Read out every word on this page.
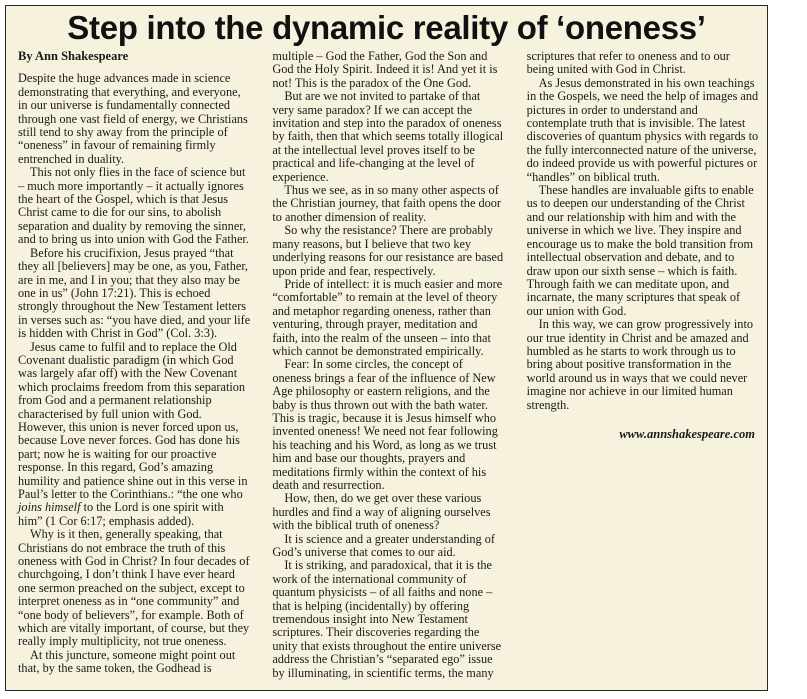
Step into the dynamic reality of ‘oneness’
By Ann Shakespeare

Despite the huge advances made in science demonstrating that everything, and everyone, in our universe is fundamentally connected through one vast field of energy, we Christians still tend to shy away from the principle of “oneness” in favour of remaining firmly entrenched in duality.

This not only flies in the face of science but – much more importantly – it actually ignores the heart of the Gospel, which is that Jesus Christ came to die for our sins, to abolish separation and duality by removing the sinner, and to bring us into union with God the Father.

Before his crucifixion, Jesus prayed “that they all [believers] may be one, as you, Father, are in me, and I in you; that they also may be one in us” (John 17:21). This is echoed strongly throughout the New Testament letters in verses such as: “you have died, and your life is hidden with Christ in God” (Col. 3:3).

Jesus came to fulfil and to replace the Old Covenant dualistic paradigm (in which God was largely afar off) with the New Covenant which proclaims freedom from this separation from God and a permanent relationship characterised by full union with God. However, this union is never forced upon us, because Love never forces. God has done his part; now he is waiting for our proactive response. In this regard, God’s amazing humility and patience shine out in this verse in Paul’s letter to the Corinthians.: “the one who joins himself to the Lord is one spirit with him” (1 Cor 6:17; emphasis added).

Why is it then, generally speaking, that Christians do not embrace the truth of this oneness with God in Christ? In four decades of churchgoing, I don’t think I have ever heard one sermon preached on the subject, except to interpret oneness as in “one community” and “one body of believers”, for example. Both of which are vitally important, of course, but they really imply multiplicity, not true oneness.

At this juncture, someone might point out that, by the same token, the Godhead is multiple – God the Father, God the Son and God the Holy Spirit. Indeed it is! And yet it is not! This is the paradox of the One God.

But are we not invited to partake of that very same paradox? If we can accept the invitation and step into the paradox of oneness by faith, then that which seems totally illogical at the intellectual level proves itself to be practical and life-changing at the level of experience.

Thus we see, as in so many other aspects of the Christian journey, that faith opens the door to another dimension of reality.

So why the resistance? There are probably many reasons, but I believe that two key underlying reasons for our resistance are based upon pride and fear, respectively.

Pride of intellect: it is much easier and more “comfortable” to remain at the level of theory and metaphor regarding oneness, rather than venturing, through prayer, meditation and faith, into the realm of the unseen – into that which cannot be demonstrated empirically.

Fear: In some circles, the concept of oneness brings a fear of the influence of New Age philosophy or eastern religions, and the baby is thus thrown out with the bath water. This is tragic, because it is Jesus himself who invented oneness! We need not fear following his teaching and his Word, as long as we trust him and base our thoughts, prayers and meditations firmly within the context of his death and resurrection.

How, then, do we get over these various hurdles and find a way of aligning ourselves with the biblical truth of oneness?

It is science and a greater understanding of God’s universe that comes to our aid.

It is striking, and paradoxical, that it is the work of the international community of quantum physicists – of all faiths and none – that is helping (incidentally) by offering tremendous insight into New Testament scriptures. Their discoveries regarding the unity that exists throughout the entire universe address the Christian’s “separated ego” issue by illuminating, in scientific terms, the many scriptures that refer to oneness and to our being united with God in Christ.

As Jesus demonstrated in his own teachings in the Gospels, we need the help of images and pictures in order to understand and contemplate truth that is invisible. The latest discoveries of quantum physics with regards to the fully interconnected nature of the universe, do indeed provide us with powerful pictures or “handles” on biblical truth.

These handles are invaluable gifts to enable us to deepen our understanding of the Christ and our relationship with him and with the universe in which we live. They inspire and encourage us to make the bold transition from intellectual observation and debate, and to draw upon our sixth sense – which is faith. Through faith we can meditate upon, and incarnate, the many scriptures that speak of our union with God.

In this way, we can grow progressively into our true identity in Christ and be amazed and humbled as he starts to work through us to bring about positive transformation in the world around us in ways that we could never imagine nor achieve in our limited human strength.

www.annshakespeare.com
